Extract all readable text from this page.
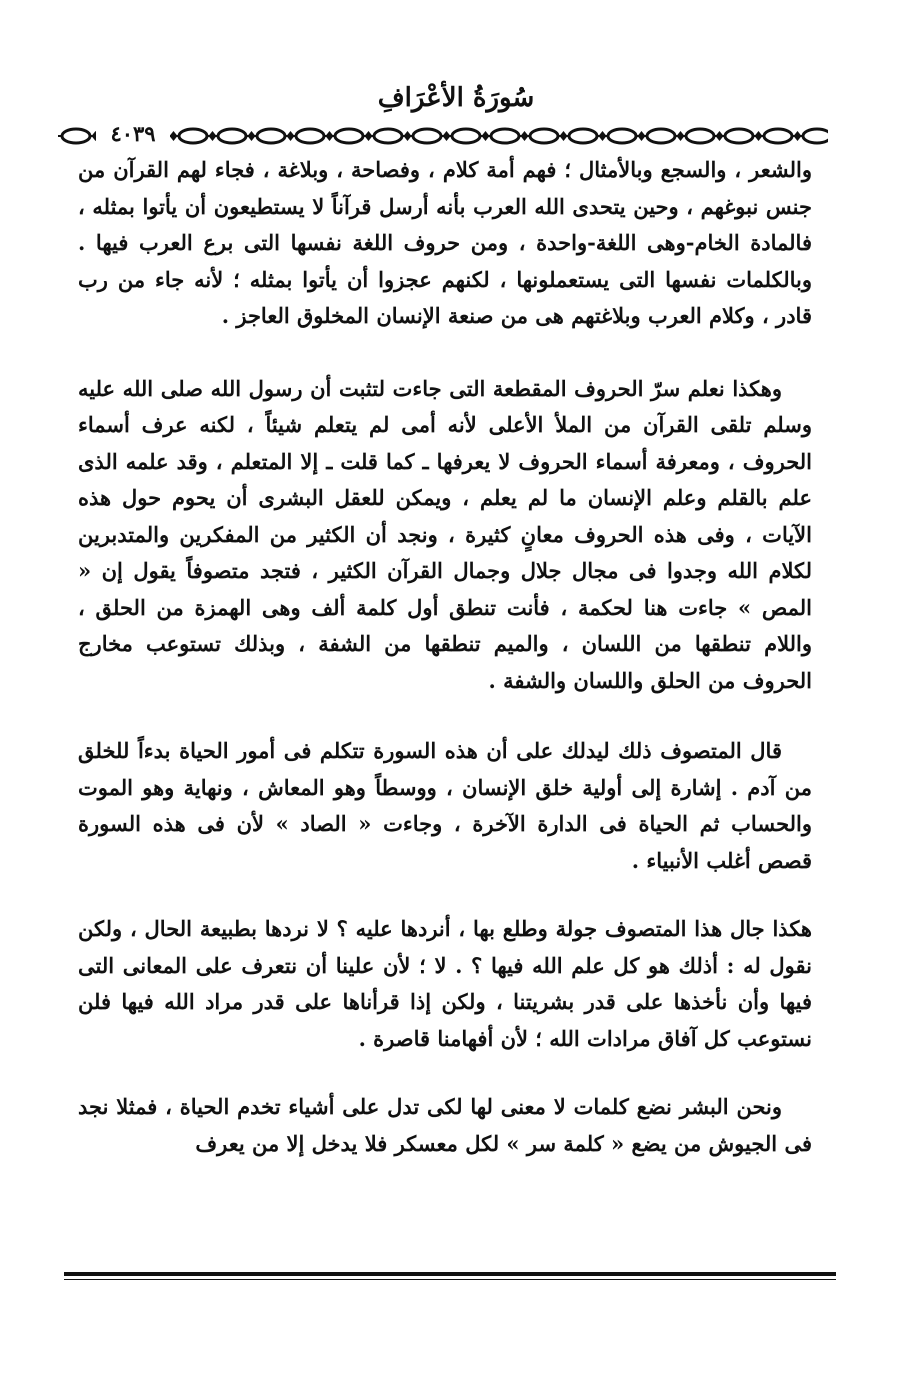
سُورَةُ الأعْرَافِ
٤٠٣٩

والشعر ، والسجع وبالأمثال ؛ فهم أمة كلام ، وفصاحة ، وبلاغة ، فجاء لهم القرآن من جنس نبوغهم ، وحين يتحدى الله العرب بأنه أرسل قرآناً لا يستطيعون أن يأتوا بمثله ، فالمادة الخام-وهى اللغة-واحدة ، ومن حروف اللغة نفسها التى برع العرب فيها . وبالكلمات نفسها التى يستعملونها ، لكنهم عجزوا أن يأتوا بمثله ؛ لأنه جاء من رب قادر ، وكلام العرب وبلاغتهم هى من صنعة الإنسان المخلوق العاجز .

وهكذا نعلم سرّ الحروف المقطعة التى جاءت لتثبت أن رسول الله صلى الله عليه وسلم تلقى القرآن من الملأ الأعلى لأنه أمى لم يتعلم شيئاً ، لكنه عرف أسماء الحروف ، ومعرفة أسماء الحروف لا يعرفها ـ كما قلت ـ إلا المتعلم ، وقد علمه الذى علم بالقلم وعلم الإنسان ما لم يعلم ، ويمكن للعقل البشرى أن يحوم حول هذه الآيات ، وفى هذه الحروف معانٍ كثيرة ، ونجد أن الكثير من المفكرين والمتدبرين لكلام الله وجدوا فى مجال جلال وجمال القرآن الكثير ، فتجد متصوفاً يقول إن « المص » جاءت هنا لحكمة ، فأنت تنطق أول كلمة ألف وهى الهمزة من الحلق ، واللام تنطقها من اللسان ، والميم تنطقها من الشفة ، وبذلك تستوعب مخارج الحروف من الحلق واللسان والشفة .

قال المتصوف ذلك ليدلك على أن هذه السورة تتكلم فى أمور الحياة بدءاً للخلق من آدم . إشارة إلى أولية خلق الإنسان ، ووسطاً وهو المعاش ، ونهاية وهو الموت والحساب ثم الحياة فى الدارة الآخرة ، وجاءت « الصاد » لأن فى هذه السورة قصص أغلب الأنبياء .

هكذا جال هذا المتصوف جولة وطلع بها ، أنردها عليه ؟ لا نردها بطبيعة الحال ، ولكن نقول له : أذلك هو كل علم الله فيها ؟ . لا ؛ لأن علينا أن نتعرف على المعانى التى فيها وأن نأخذها على قدر بشريتنا ، ولكن إذا قرأناها على قدر مراد الله فيها فلن نستوعب كل آفاق مرادات الله ؛ لأن أفهامنا قاصرة .

ونحن البشر نضع كلمات لا معنى لها لكى تدل على أشياء تخدم الحياة ، فمثلا نجد فى الجيوش من يضع « كلمة سر » لكل معسكر فلا يدخل إلا من يعرف
